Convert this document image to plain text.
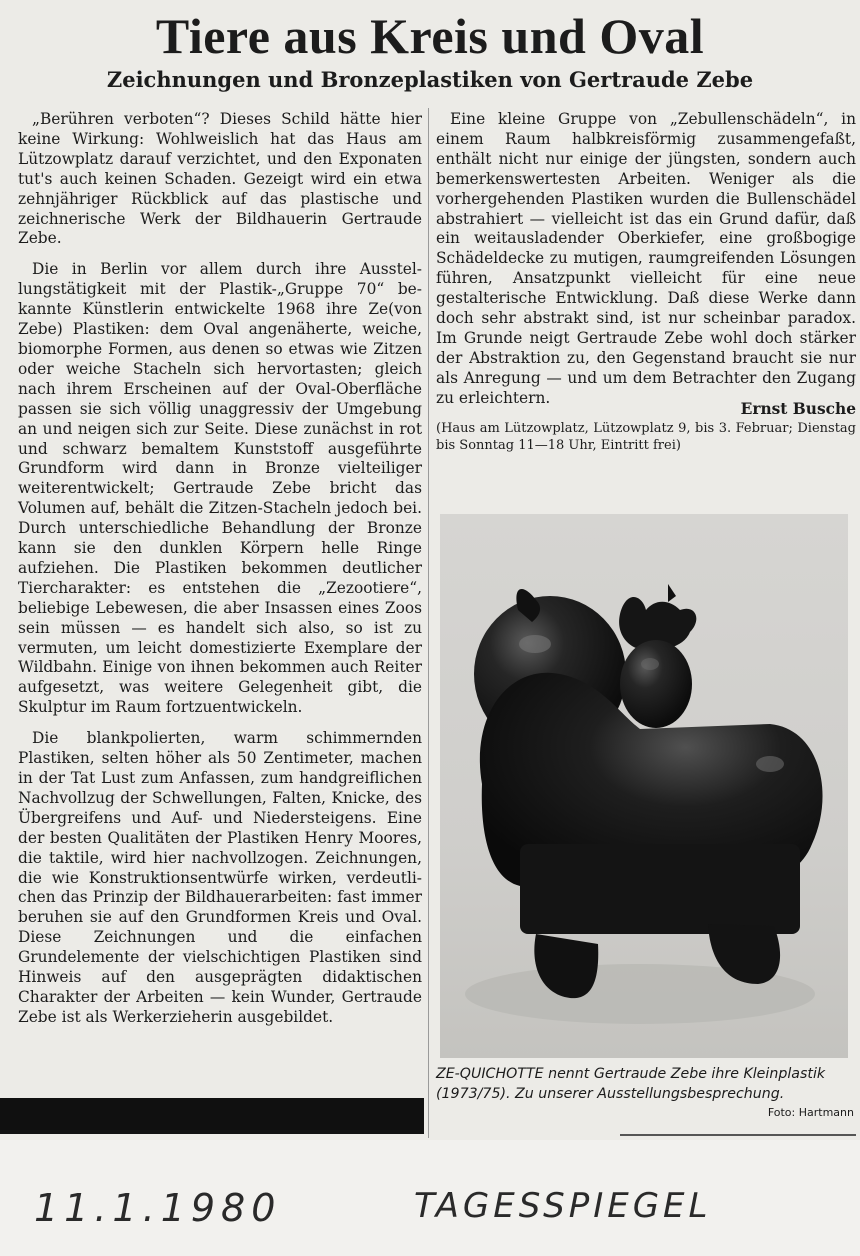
Tiere aus Kreis und Oval
Zeichnungen und Bronzeplastiken von Gertraude Zebe

„Berühren verboten“? Dieses Schild hätte hier keine Wirkung: Wohlweislich hat das Haus am Lützowplatz darauf verzichtet, und den Exponaten tut's auch keinen Schaden. Gezeigt wird ein etwa zehnjähriger Rückblick auf das plastische und zeichnerische Werk der Bildhauerin Gertraude Zebe.

Die in Berlin vor allem durch ihre Ausstellungstätigkeit mit der Plastik-„Gruppe 70“ bekannte Künstlerin entwickelte 1968 ihre Ze(von Zebe) Plastiken: dem Oval angenäherte, weiche, biomorphe Formen, aus denen so etwas wie Zitzen oder weiche Stacheln sich hervortasten; gleich nach ihrem Erscheinen auf der Oval-Oberfläche passen sie sich völlig unaggressiv der Umgebung an und neigen sich zur Seite. Diese zunächst in rot und schwarz bemaltem Kunststoff ausgeführte Grundform wird dann in Bronze vielteiliger weiterentwickelt; Gertraude Zebe bricht das Volumen auf, behält die Zitzen-Stacheln jedoch bei. Durch unterschiedliche Behandlung der Bronze kann sie den dunklen Körpern helle Ringe aufziehen. Die Plastiken bekommen deutlicher Tiercharakter: es entstehen die „Zezootiere“, beliebige Lebewesen, die aber Insassen eines Zoos sein müssen — es handelt sich also, so ist zu vermuten, um leicht domestizierte Exemplare der Wildbahn. Einige von ihnen bekommen auch Reiter aufgesetzt, was weitere Gelegenheit gibt, die Skulptur im Raum fortzuentwickeln.

Die blankpolierten, warm schimmernden Plastiken, selten höher als 50 Zentimeter, machen in der Tat Lust zum Anfassen, zum handgreiflichen Nachvollzug der Schwellungen, Falten, Knicke, des Übergreifens und Auf- und Niedersteigens. Eine der besten Qualitäten der Plastiken Henry Moores, die taktile, wird hier nachvollzogen. Zeichnungen, die wie Konstruktionsentwürfe wirken, verdeutlichen das Prinzip der Bildhauerarbeiten: fast immer beruhen sie auf den Grundformen Kreis und Oval. Diese Zeichnungen und die einfachen Grundelemente der vielschichtigen Plastiken sind Hinweis auf den ausgeprägten didaktischen Charakter der Arbeiten — kein Wunder, Gertraude Zebe ist als Werkerzieherin ausgebildet.

Eine kleine Gruppe von „Zebullenschädeln“, in einem Raum halbkreisförmig zusammengefaßt, enthält nicht nur einige der jüngsten, sondern auch bemerkenswertesten Arbeiten. Weniger als die vorhergehenden Plastiken wurden die Bullenschädel abstrahiert — vielleicht ist das ein Grund dafür, daß ein weitausladender Oberkiefer, eine großbogige Schädeldecke zu mutigen, raumgreifenden Lösungen führen, Ansatzpunkt vielleicht für eine neue gestalterische Entwicklung. Daß diese Werke dann doch sehr abstrakt sind, ist nur scheinbar paradox. Im Grunde neigt Gertraude Zebe wohl doch stärker der Abstraktion zu, den Gegenstand braucht sie nur als Anregung — und um dem Betrachter den Zugang zu erleichtern.

Ernst Busche

(Haus am Lützowplatz, Lützowplatz 9, bis 3. Februar; Dienstag bis Sonntag 11—18 Uhr, Eintritt frei)

ZE-QUICHOTTE nennt Gertraude Zebe ihre Kleinplastik (1973/75). Zu unserer Ausstellungsbesprechung.
Foto: Hartmann
11.1.1980	TAGESSPIEGEL
